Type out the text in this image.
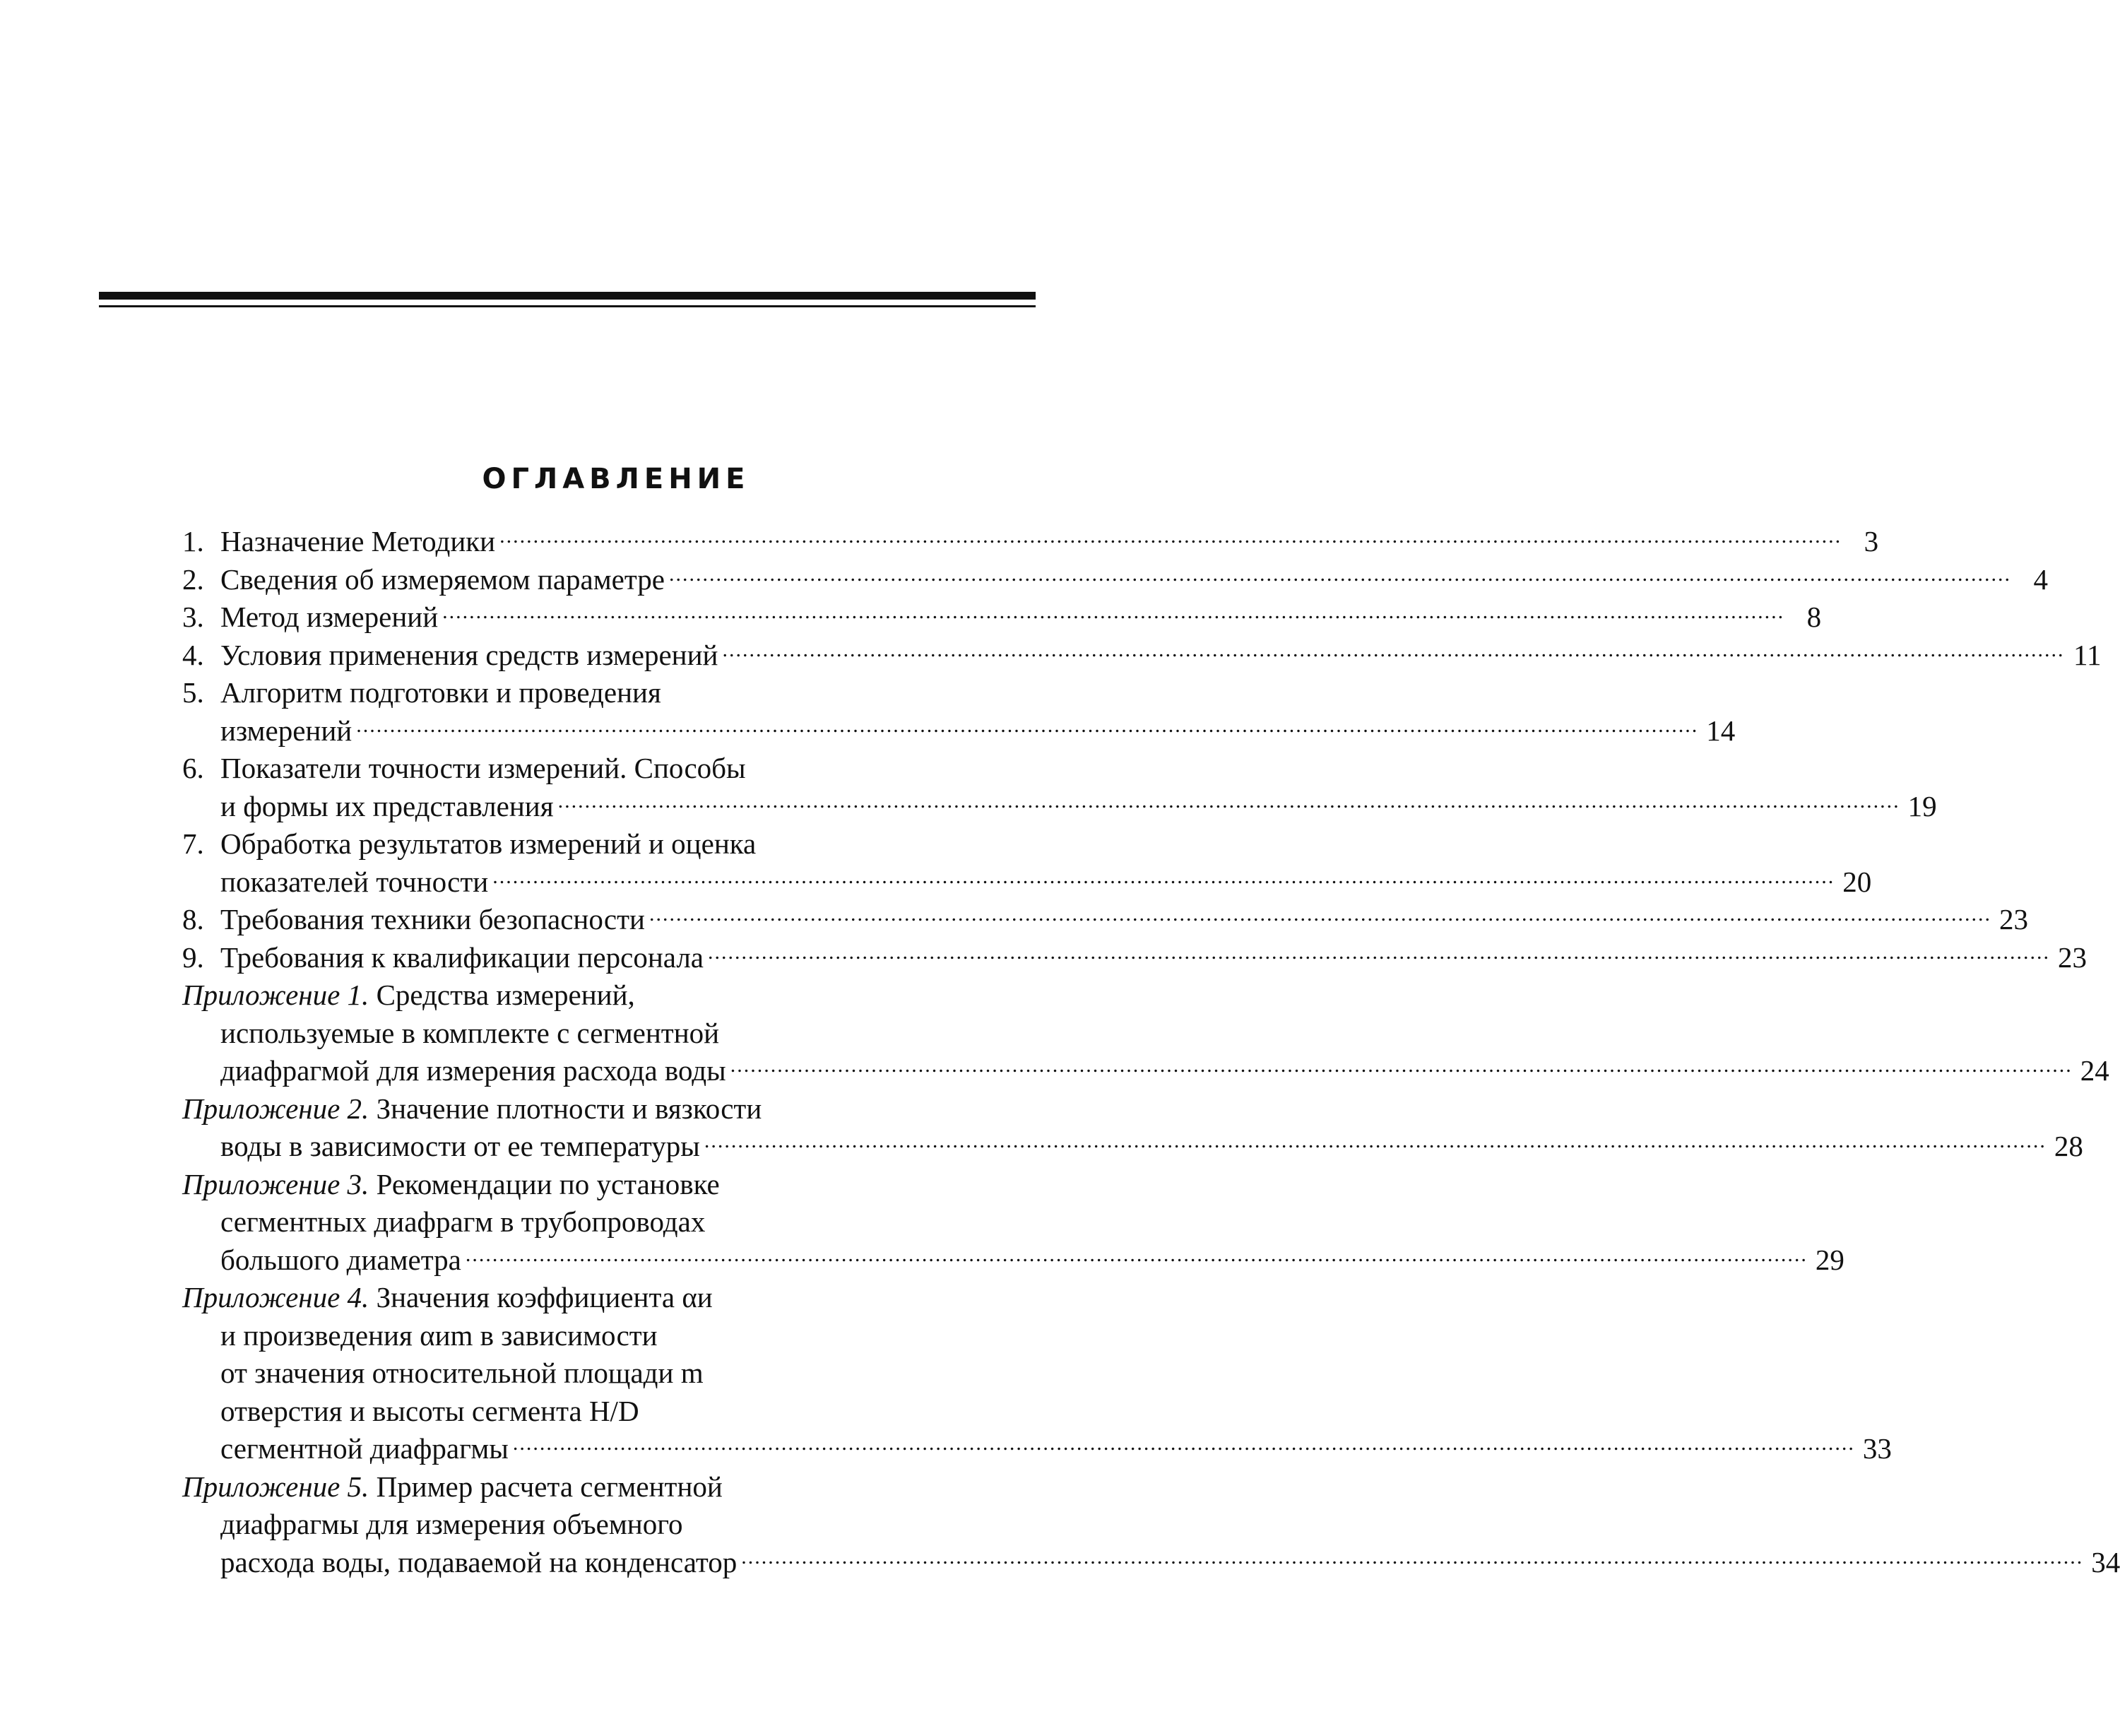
ОГЛАВЛЕНИЕ
1. Назначение Методики ........................................................................................................................................................................................................ 3
2. Сведения об измеряемом параметре ........................................................................................................................................................................................................ 4
3. Метод измерений ........................................................................................................................................................................................................ 8
4. Условия применения средств измерений ........................................................................................................................................................................................................ 11
5. Алгоритм подготовки и проведения
измерений ........................................................................................................................................................................................................ 14
6. Показатели точности измерений. Способы
и формы их представления ........................................................................................................................................................................................................ 19
7. Обработка результатов измерений и оценка
показателей точности ........................................................................................................................................................................................................ 20
8. Требования техники безопасности ........................................................................................................................................................................................................ 23
9. Требования к квалификации персонала ........................................................................................................................................................................................................ 23
Приложение 1.
Средства измерений,
используемые в комплекте с сегментной
диафрагмой для измерения расхода воды ........................................................................................................................................................................................................ 24
Приложение 2.
Значение плотности и вязкости
воды в зависимости от ее температуры ........................................................................................................................................................................................................ 28
Приложение 3.
Рекомендации по установке
сегментных диафрагм в трубопроводах
большого диаметра ........................................................................................................................................................................................................ 29
Приложение 4.
Значения коэффициента αи
и произведения αиm в зависимости
от значения относительной площади m
отверстия и высоты сегмента H/D
сегментной диафрагмы ........................................................................................................................................................................................................ 33
Приложение 5.
Пример расчета сегментной
диафрагмы для измерения объемного
расхода воды, подаваемой на конденсатор ........................................................................................................................................................................................................ 34
